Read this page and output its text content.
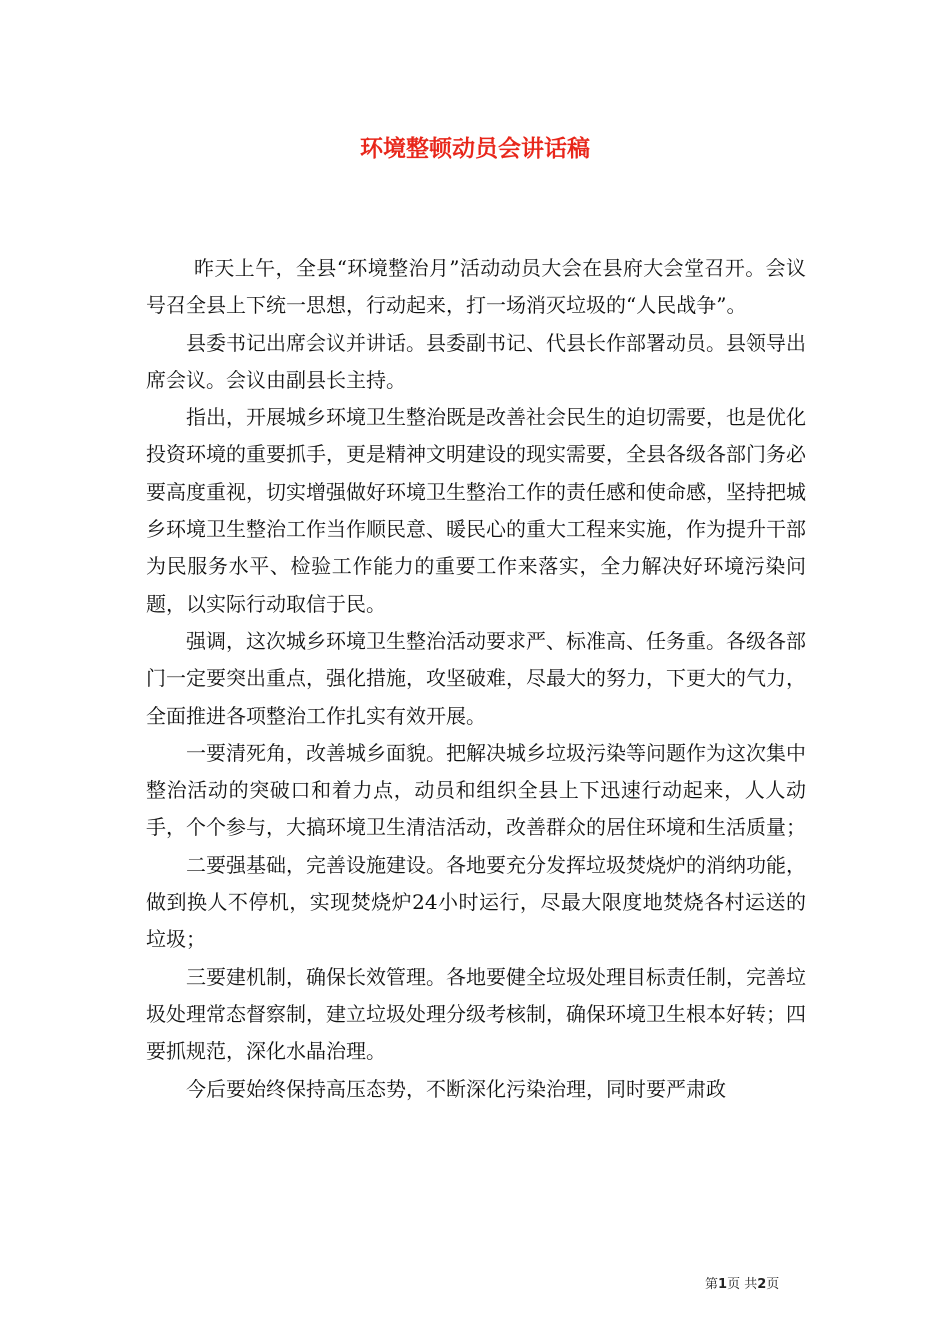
环境整顿动员会讲话稿

昨天上午，全县“环境整治月”活动动员大会在县府大会堂召开。会议号召全县上下统一思想，行动起来，打一场消灭垃圾的“人民战争”。

县委书记出席会议并讲话。县委副书记、代县长作部署动员。县领导出席会议。会议由副县长主持。

指出，开展城乡环境卫生整治既是改善社会民生的迫切需要，也是优化投资环境的重要抓手，更是精神文明建设的现实需要，全县各级各部门务必要高度重视，切实增强做好环境卫生整治工作的责任感和使命感，坚持把城乡环境卫生整治工作当作顺民意、暖民心的重大工程来实施，作为提升干部为民服务水平、检验工作能力的重要工作来落实，全力解决好环境污染问题，以实际行动取信于民。

强调，这次城乡环境卫生整治活动要求严、标准高、任务重。各级各部门一定要突出重点，强化措施，攻坚破难，尽最大的努力，下更大的气力，全面推进各项整治工作扎实有效开展。

一要清死角，改善城乡面貌。把解决城乡垃圾污染等问题作为这次集中整治活动的突破口和着力点，动员和组织全县上下迅速行动起来，人人动手，个个参与，大搞环境卫生清洁活动，改善群众的居住环境和生活质量；

二要强基础，完善设施建设。各地要充分发挥垃圾焚烧炉的消纳功能，做到换人不停机，实现焚烧炉24小时运行，尽最大限度地焚烧各村运送的垃圾；

三要建机制，确保长效管理。各地要健全垃圾处理目标责任制，完善垃圾处理常态督察制，建立垃圾处理分级考核制，确保环境卫生根本好转；四要抓规范，深化水晶治理。

今后要始终保持高压态势，不断深化污染治理，同时要严肃政

第1页 共2页
